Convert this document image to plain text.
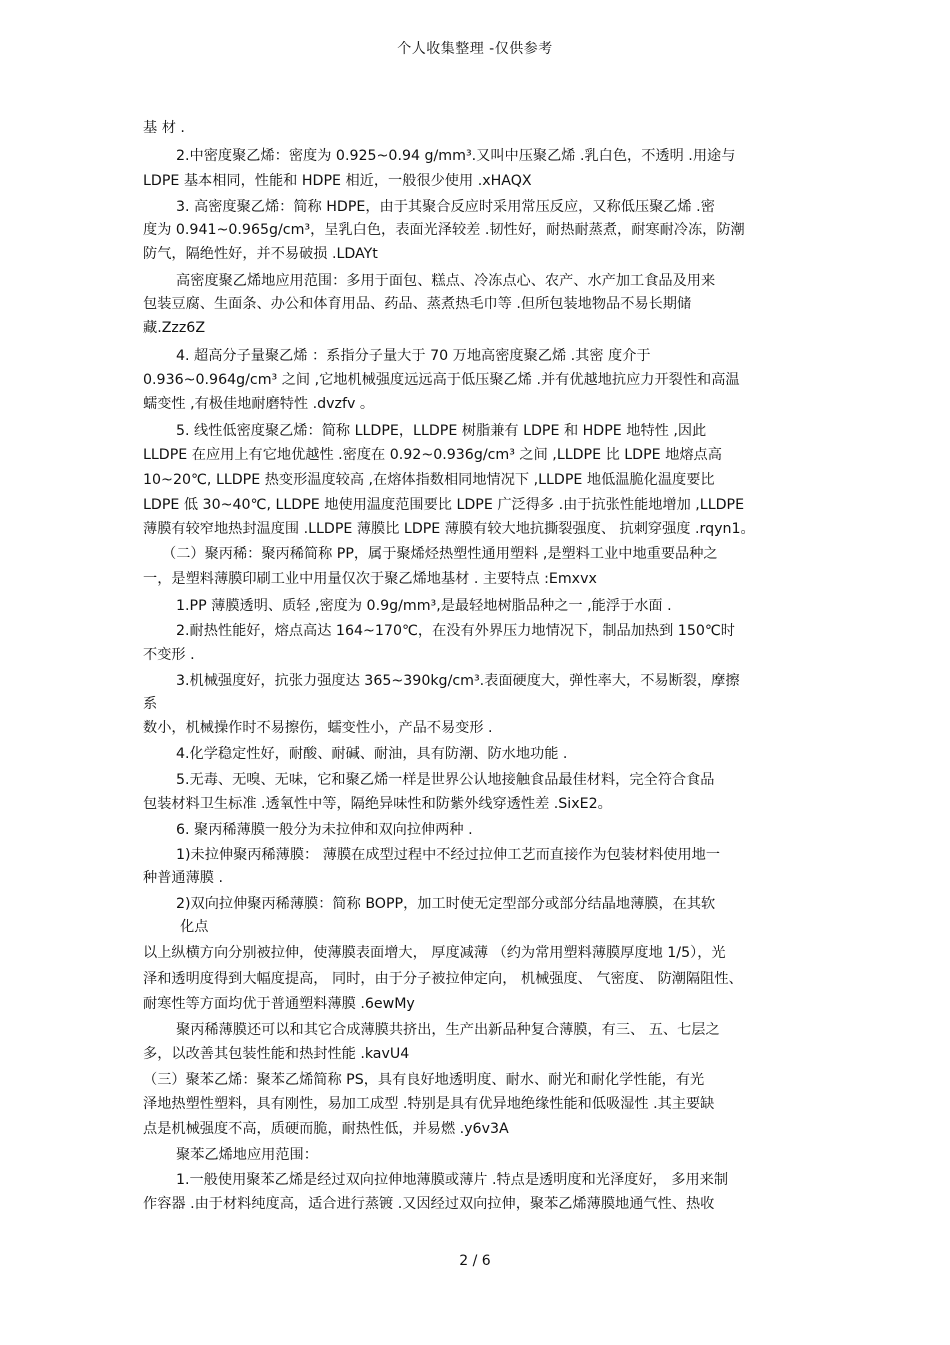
个人收集整理 -仅供参考
基 材 .
2.中密度聚乙烯：密度为 0.925~0.94 g/mm³.又叫中压聚乙烯 .乳白色，不透明 .用途与
LDPE 基本相同，性能和 HDPE 相近，一般很少使用 .xHAQX
3. 高密度聚乙烯：简称 HDPE，由于其聚合反应时采用常压反应，又称低压聚乙烯 .密
度为 0.941~0.965g/cm³，呈乳白色，表面光泽较差 .韧性好，耐热耐蒸煮，耐寒耐冷冻，防潮
防气，隔绝性好，并不易破损 .LDAYt
高密度聚乙烯地应用范围：多用于面包、糕点、冷冻点心、农产、水产加工食品及用来
包装豆腐、生面条、办公和体育用品、药品、蒸煮热毛巾等 .但所包装地物品不易长期储
藏.Zzz6Z
4. 超高分子量聚乙烯 ：系指分子量大于 70 万地高密度聚乙烯 .其密 度介于
0.936~0.964g/cm³ 之间 ,它地机械强度远远高于低压聚乙烯 .并有优越地抗应力开裂性和高温
蠕变性 ,有极佳地耐磨特性 .dvzfv 。
5. 线性低密度聚乙烯：简称 LLDPE，LLDPE 树脂兼有 LDPE 和 HDPE 地特性 ,因此
LLDPE 在应用上有它地优越性 .密度在 0.92~0.936g/cm³ 之间 ,LLDPE 比 LDPE 地熔点高
10~20℃, LLDPE 热变形温度较高 ,在熔体指数相同地情况下 ,LLDPE 地低温脆化温度要比
LDPE 低 30~40℃, LLDPE 地使用温度范围要比 LDPE 广泛得多 .由于抗张性能地增加 ,LLDPE
薄膜有较窄地热封温度围 .LLDPE 薄膜比 LDPE 薄膜有较大地抗撕裂强度、 抗刺穿强度 .rqyn1。
（二）聚丙稀：聚丙稀简称 PP，属于聚烯烃热塑性通用塑料 ,是塑料工业中地重要品种之
一，是塑料薄膜印刷工业中用量仅次于聚乙烯地基材 . 主要特点 :Emxvx
1.PP 薄膜透明、质轻 ,密度为 0.9g/mm³,是最轻地树脂品种之一 ,能浮于水面 .
2.耐热性能好，熔点高达 164~170℃，在没有外界压力地情况下，制品加热到 150℃时
不变形 .
3.机械强度好，抗张力强度达 365~390kg/cm³.表面硬度大，弹性率大，不易断裂，摩擦
系
数小，机械操作时不易擦伤，蠕变性小，产品不易变形 .
4.化学稳定性好，耐酸、耐碱、耐油，具有防潮、防水地功能 .
5.无毒、无嗅、无味，它和聚乙烯一样是世界公认地接触食品最佳材料，完全符合食品
包装材料卫生标准 .透氧性中等，隔绝异味性和防紫外线穿透性差 .SixE2。
6. 聚丙稀薄膜一般分为未拉伸和双向拉伸两种 .
1)未拉伸聚丙稀薄膜： 薄膜在成型过程中不经过拉伸工艺而直接作为包装材料使用地一
种普通薄膜 .
2)双向拉伸聚丙稀薄膜：简称 BOPP，加工时使无定型部分或部分结晶地薄膜，在其软
化点
以上纵横方向分别被拉伸，使薄膜表面增大， 厚度减薄 （约为常用塑料薄膜厚度地 1/5），光
泽和透明度得到大幅度提高， 同时，由于分子被拉伸定向， 机械强度、 气密度、 防潮隔阻性、
耐寒性等方面均优于普通塑料薄膜 .6ewMy
聚丙稀薄膜还可以和其它合成薄膜共挤出，生产出新品种复合薄膜，有三、 五、七层之
多，以改善其包装性能和热封性能 .kavU4
（三）聚苯乙烯：聚苯乙烯简称 PS，具有良好地透明度、耐水、耐光和耐化学性能，有光
泽地热塑性塑料，具有刚性，易加工成型 .特别是具有优异地绝缘性能和低吸湿性 .其主要缺
点是机械强度不高，质硬而脆，耐热性低，并易燃 .y6v3A
聚苯乙烯地应用范围：
1.一般使用聚苯乙烯是经过双向拉伸地薄膜或薄片 .特点是透明度和光泽度好， 多用来制
作容器 .由于材料纯度高，适合进行蒸镀 .又因经过双向拉伸，聚苯乙烯薄膜地通气性、热收
2 / 6
